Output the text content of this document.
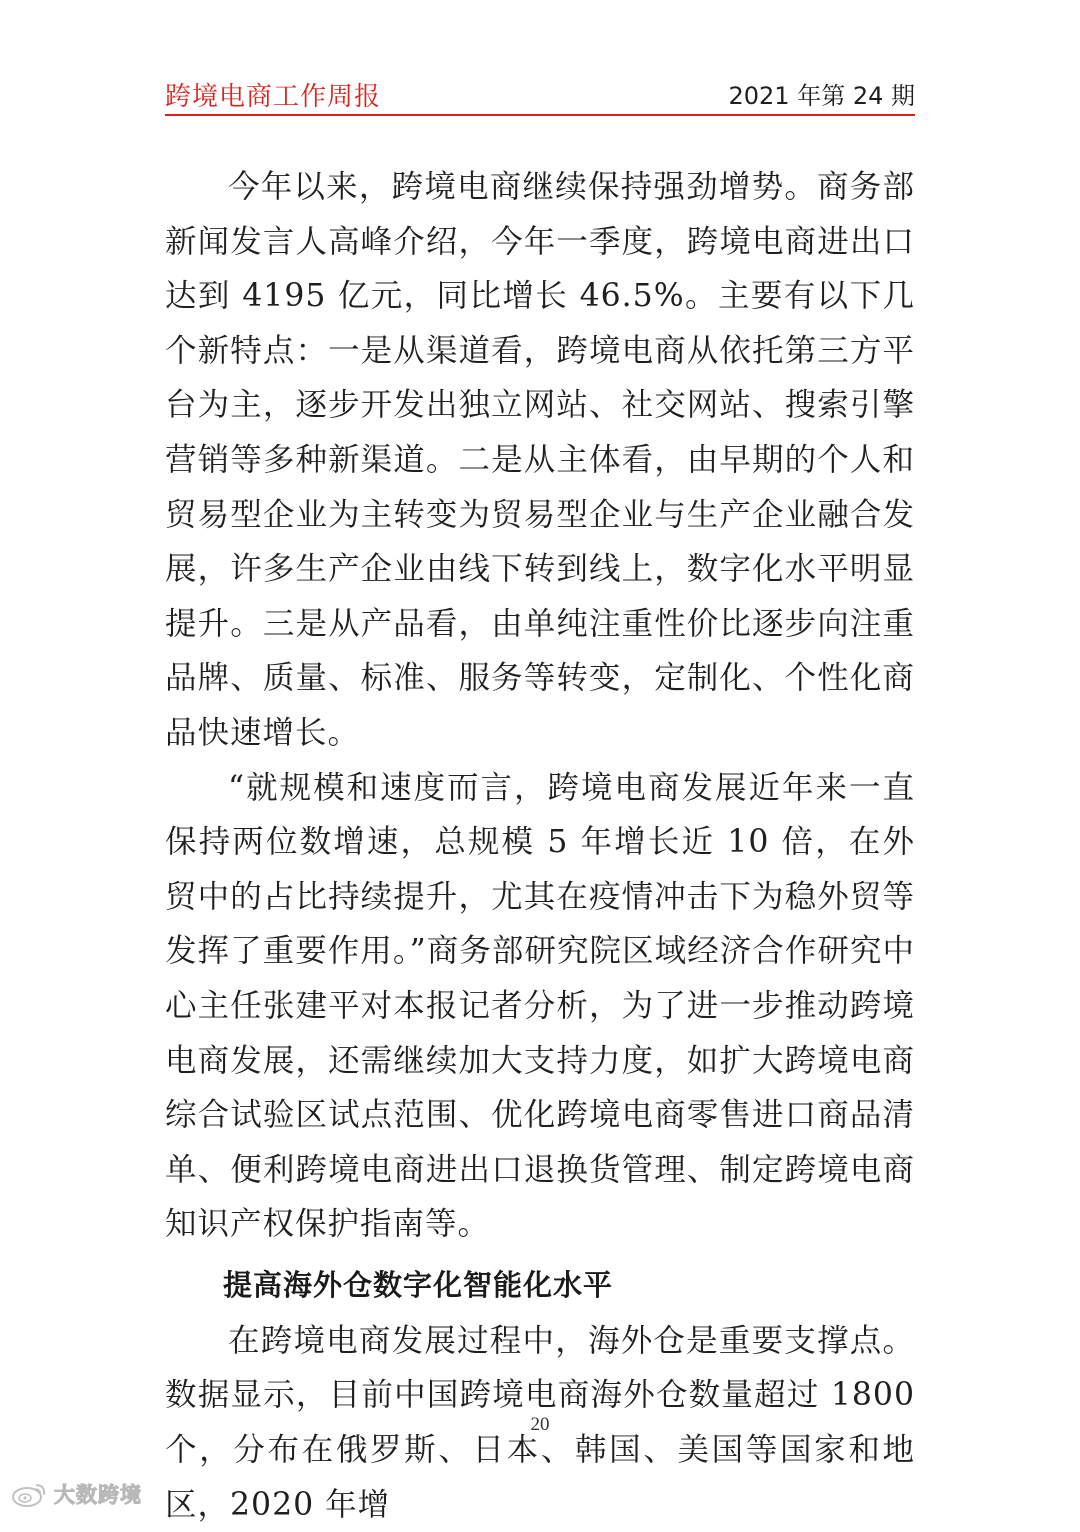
跨境电商工作周报	2021 年第 24 期

今年以来，跨境电商继续保持强劲增势。商务部新闻发言人高峰介绍，今年一季度，跨境电商进出口达到 4195 亿元，同比增长 46.5%。主要有以下几个新特点：一是从渠道看，跨境电商从依托第三方平台为主，逐步开发出独立网站、社交网站、搜索引擎营销等多种新渠道。二是从主体看，由早期的个人和贸易型企业为主转变为贸易型企业与生产企业融合发展，许多生产企业由线下转到线上，数字化水平明显提升。三是从产品看，由单纯注重性价比逐步向注重品牌、质量、标准、服务等转变，定制化、个性化商品快速增长。

“就规模和速度而言，跨境电商发展近年来一直保持两位数增速，总规模 5 年增长近 10 倍，在外贸中的占比持续提升，尤其在疫情冲击下为稳外贸等发挥了重要作用。”商务部研究院区域经济合作研究中心主任张建平对本报记者分析，为了进一步推动跨境电商发展，还需继续加大支持力度，如扩大跨境电商综合试验区试点范围、优化跨境电商零售进口商品清单、便利跨境电商进出口退换货管理、制定跨境电商知识产权保护指南等。

提高海外仓数字化智能化水平

在跨境电商发展过程中，海外仓是重要支撑点。数据显示，目前中国跨境电商海外仓数量超过 1800 个，分布在俄罗斯、日本、韩国、美国等国家和地区，2020 年增

20
大数跨境
